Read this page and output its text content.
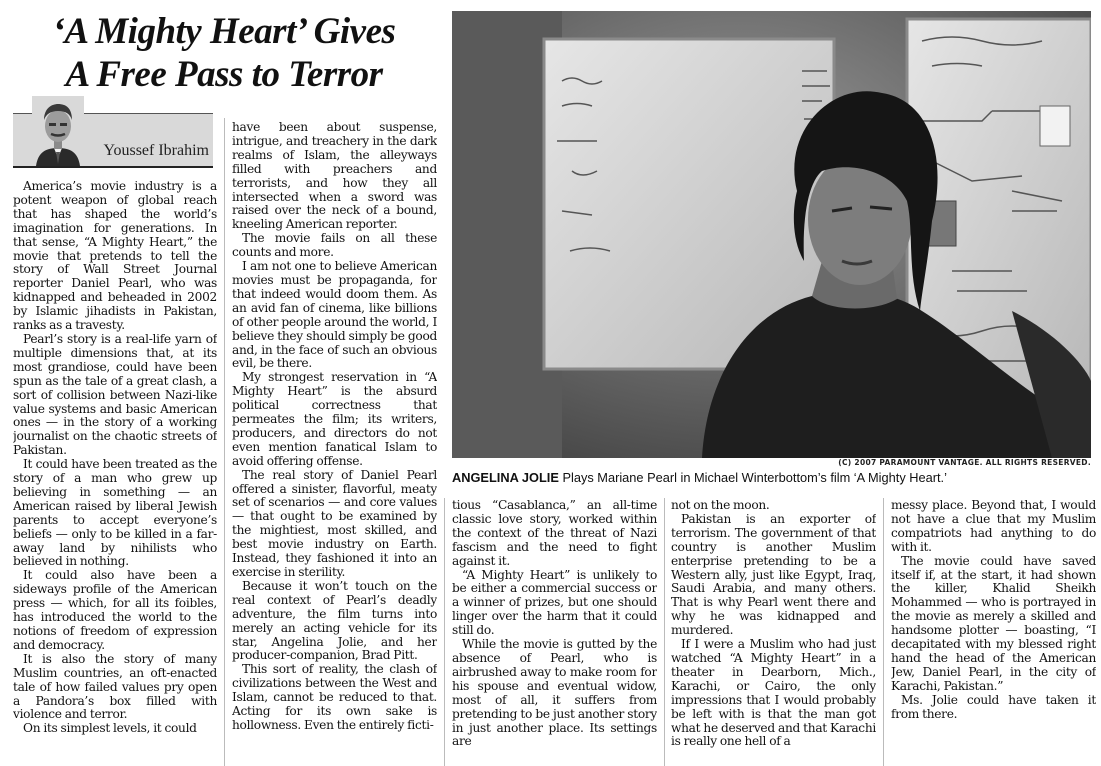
‘A Mighty Heart’ Gives
A Free Pass to Terror
Youssef Ibrahim
(C) 2007 PARAMOUNT VANTAGE. ALL RIGHTS RESERVED.
ANGELINA JOLIE Plays Mariane Pearl in Michael Winterbottom’s film ‘A Mighty Heart.’

America’s movie industry is a potent weapon of global reach that has shaped the world’s imagination for generations. In that sense, “A Mighty Heart,” the movie that pretends to tell the story of Wall Street Journal reporter Daniel Pearl, who was kidnapped and beheaded in 2002 by Islamic jihadists in Pakistan, ranks as a travesty.

Pearl’s story is a real-life yarn of multiple dimensions that, at its most grandiose, could have been spun as the tale of a great clash, a sort of collision between Nazi-like value systems and basic American ones — in the story of a working journalist on the chaotic streets of Pakistan.

It could have been treated as the story of a man who grew up believing in something — an American raised by liberal Jewish parents to accept everyone’s beliefs — only to be killed in a far-away land by nihilists who believed in nothing.

It could also have been a sideways profile of the American press — which, for all its foibles, has introduced the world to the notions of freedom of expression and democracy.

It is also the story of many Muslim countries, an oft-enacted tale of how failed values pry open a Pandora’s box filled with violence and terror.

On its simplest levels, it could

have been about suspense, intrigue, and treachery in the dark realms of Islam, the alleyways filled with preachers and terrorists, and how they all intersected when a sword was raised over the neck of a bound, kneeling American reporter.

The movie fails on all these counts and more.

I am not one to believe American movies must be propaganda, for that indeed would doom them. As an avid fan of cinema, like billions of other people around the world, I believe they should simply be good and, in the face of such an obvious evil, be there.

My strongest reservation in “A Mighty Heart” is the absurd political correctness that permeates the film; its writers, producers, and directors do not even mention fanatical Islam to avoid offering offense.

The real story of Daniel Pearl offered a sinister, flavorful, meaty set of scenarios — and core values — that ought to be examined by the mightiest, most skilled, and best movie industry on Earth. Instead, they fashioned it into an exercise in sterility.

Because it won’t touch on the real context of Pearl’s deadly adventure, the film turns into merely an acting vehicle for its star, Angelina Jolie, and her producer-companion, Brad Pitt.

This sort of reality, the clash of civilizations between the West and Islam, cannot be reduced to that. Acting for its own sake is hollowness. Even the entirely ficti-

tious “Casablanca,” an all-time classic love story, worked within the context of the threat of Nazi fascism and the need to fight against it.

“A Mighty Heart” is unlikely to be either a commercial success or a winner of prizes, but one should linger over the harm that it could still do.

While the movie is gutted by the absence of Pearl, who is airbrushed away to make room for his spouse and eventual widow, most of all, it suffers from pretending to be just another story in just another place. Its settings are

not on the moon.

Pakistan is an exporter of terrorism. The government of that country is another Muslim enterprise pretending to be a Western ally, just like Egypt, Iraq, Saudi Arabia, and many others. That is why Pearl went there and why he was kidnapped and murdered.

If I were a Muslim who had just watched “A Mighty Heart” in a theater in Dearborn, Mich., Karachi, or Cairo, the only impressions that I would probably be left with is that the man got what he deserved and that Karachi is really one hell of a

messy place. Beyond that, I would not have a clue that my Muslim compatriots had anything to do with it.

The movie could have saved itself if, at the start, it had shown the killer, Khalid Sheikh Mohammed — who is portrayed in the movie as merely a skilled and handsome plotter — boasting, “I decapitated with my blessed right hand the head of the American Jew, Daniel Pearl, in the city of Karachi, Pakistan.”

Ms. Jolie could have taken it from there.
